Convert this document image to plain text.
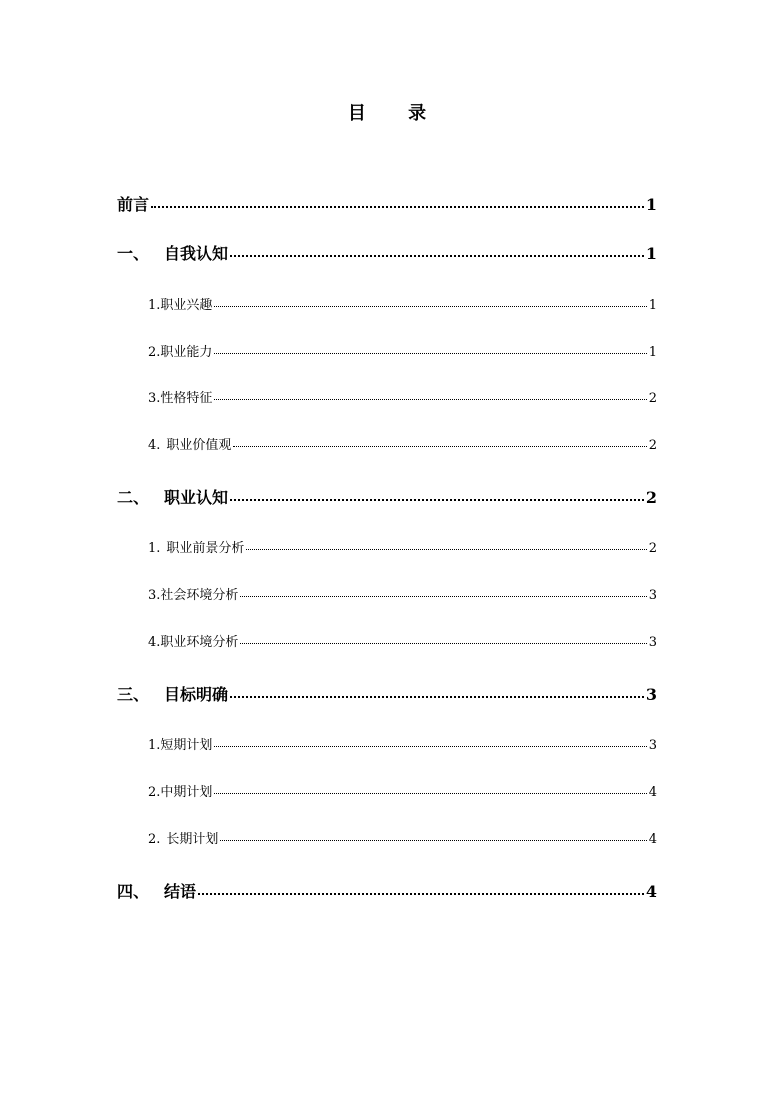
目 录
前言	1
一、 自我认知	1
1. 职业兴趣	1
2. 职业能力	1
3. 性格特征	2
4. 职业价值观	2
二、 职业认知	2
1. 职业前景分析	2
3. 社会环境分析	3
4. 职业环境分析	3
三、 目标明确	3
1. 短期计划	3
2. 中期计划	4
2. 长期计划	4
四、 结语	4
